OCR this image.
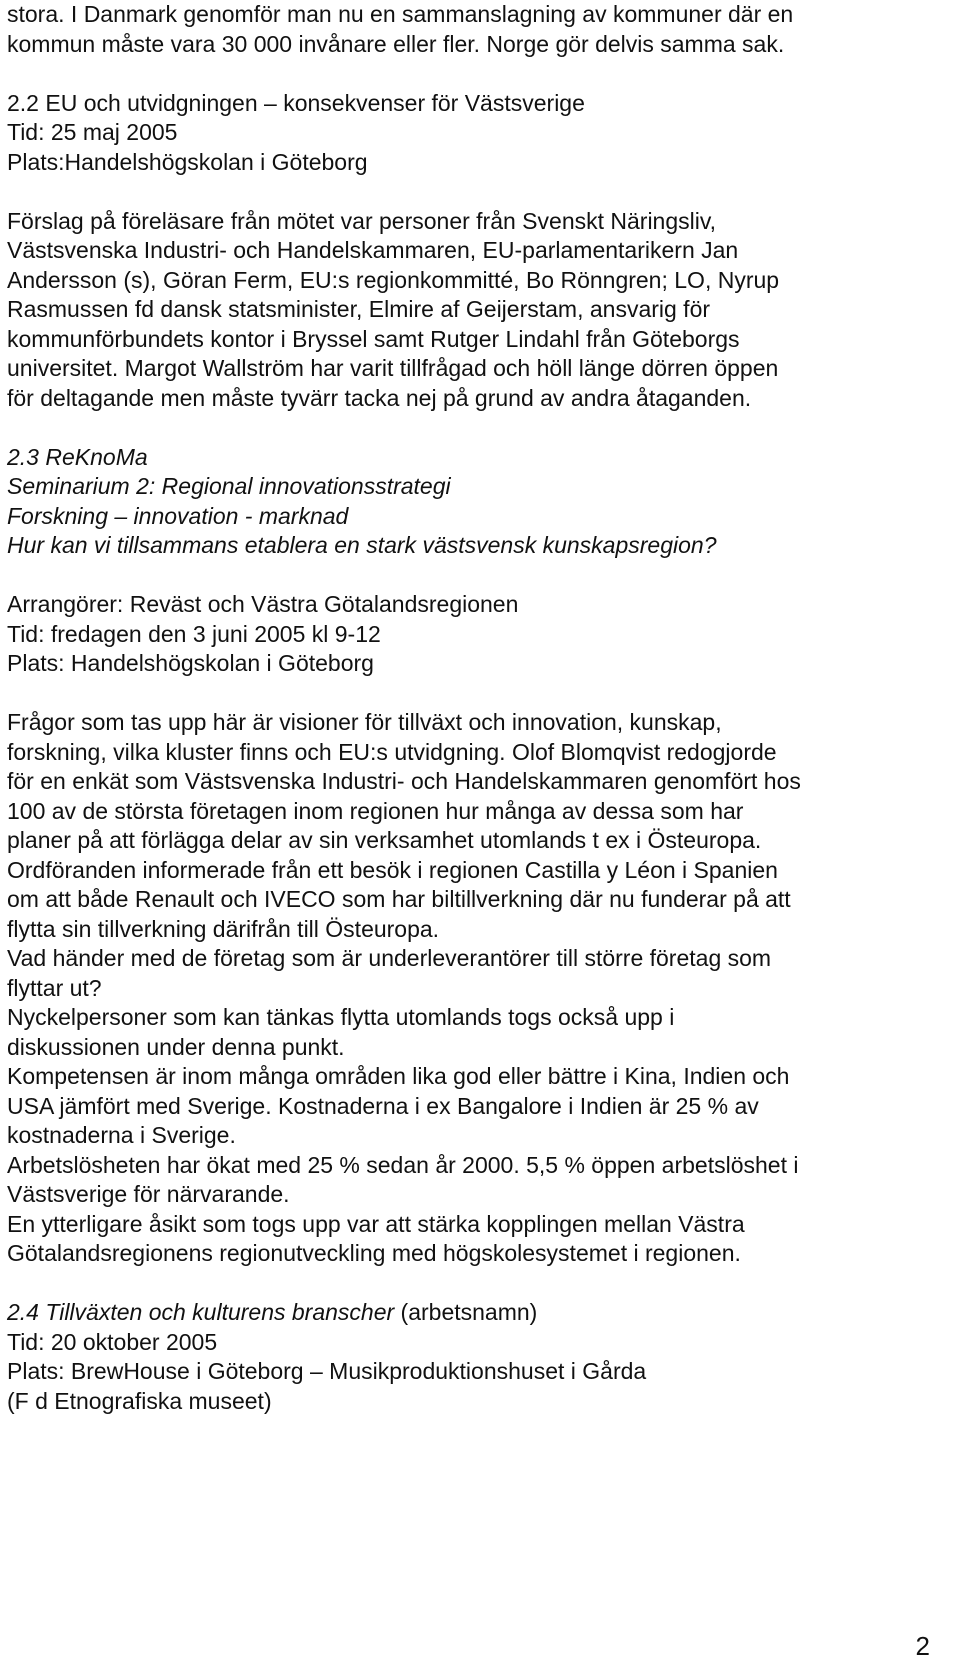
stora. I Danmark genomför man nu en sammanslagning av kommuner där en
kommun måste vara 30 000 invånare eller fler. Norge gör delvis samma sak.
2.2 EU och utvidgningen – konsekvenser för Västsverige
Tid: 25 maj 2005
Plats:Handelshögskolan i Göteborg
Förslag på föreläsare från mötet var personer från Svenskt Näringsliv,
Västsvenska Industri- och Handelskammaren, EU-parlamentarikern Jan
Andersson (s), Göran Ferm, EU:s regionkommitté, Bo Rönngren; LO, Nyrup
Rasmussen fd dansk statsminister, Elmire af Geijerstam, ansvarig för
kommunförbundets kontor i Bryssel samt Rutger Lindahl från Göteborgs
universitet. Margot Wallström har varit tillfrågad och höll länge dörren öppen
för deltagande men måste tyvärr tacka nej på grund av andra åtaganden.
2.3 ReKnoMa
Seminarium 2: Regional innovationsstrategi
Forskning – innovation - marknad
Hur kan vi tillsammans etablera en stark västsvensk kunskapsregion?
Arrangörer: Reväst och Västra Götalandsregionen
Tid: fredagen den 3 juni 2005 kl 9-12
Plats: Handelshögskolan i Göteborg
Frågor som tas upp här är visioner för tillväxt och innovation, kunskap,
forskning, vilka kluster finns och EU:s utvidgning. Olof Blomqvist redogjorde
för en enkät som Västsvenska Industri- och Handelskammaren genomfört hos
100 av de största företagen inom regionen hur många av dessa som har
planer på att förlägga delar av sin verksamhet utomlands t ex i Östeuropa.
Ordföranden informerade från ett besök i regionen Castilla y Léon i Spanien
om att både Renault och IVECO som har biltillverkning där nu funderar på att
flytta sin tillverkning därifrån till Östeuropa.
Vad händer med de företag som är underleverantörer till större företag som
flyttar ut?
Nyckelpersoner som kan tänkas flytta utomlands togs också upp i
diskussionen under denna punkt.
Kompetensen är inom många områden lika god eller bättre i Kina, Indien och
USA jämfört med Sverige. Kostnaderna i ex Bangalore i Indien är 25 % av
kostnaderna i Sverige.
Arbetslösheten har ökat med 25 % sedan år 2000. 5,5 % öppen arbetslöshet i
Västsverige för närvarande.
En ytterligare åsikt som togs upp var att stärka kopplingen mellan Västra
Götalandsregionens regionutveckling med högskolesystemet i regionen.
2.4 Tillväxten och kulturens branscher (arbetsnamn)
Tid: 20 oktober 2005
Plats: BrewHouse i Göteborg – Musikproduktionshuset i Gårda
(F d Etnografiska museet)
2
